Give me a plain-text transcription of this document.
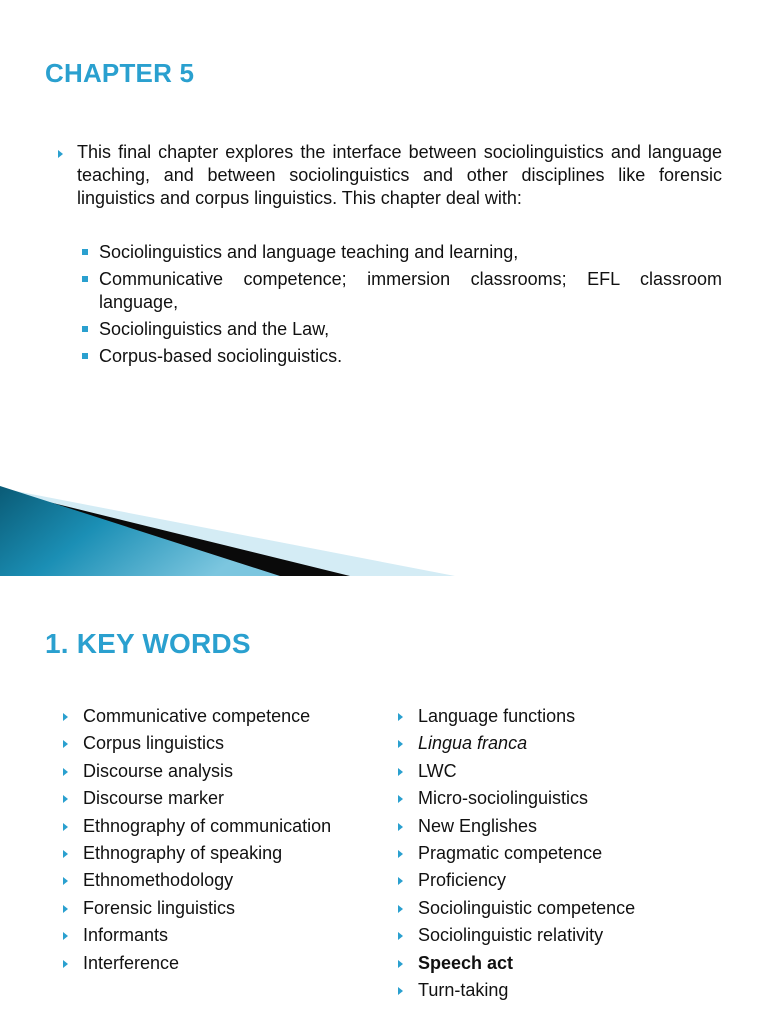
CHAPTER 5

This final chapter explores the interface between sociolinguistics and language teaching, and between sociolinguistics and other disciplines like forensic linguistics and corpus linguistics. This chapter deal with:

Sociolinguistics and language teaching and learning,
Communicative competence; immersion classrooms; EFL classroom language,
Sociolinguistics and the Law,
Corpus-based sociolinguistics.
1. KEY WORDS
Communicative competence
Corpus linguistics
Discourse analysis
Discourse marker
Ethnography of communication
Ethnography of speaking
Ethnomethodology
Forensic linguistics
Informants
Interference
Language functions
Lingua franca
LWC
Micro-sociolinguistics
New Englishes
Pragmatic competence
Proficiency
Sociolinguistic competence
Sociolinguistic relativity
Speech act
Turn-taking
